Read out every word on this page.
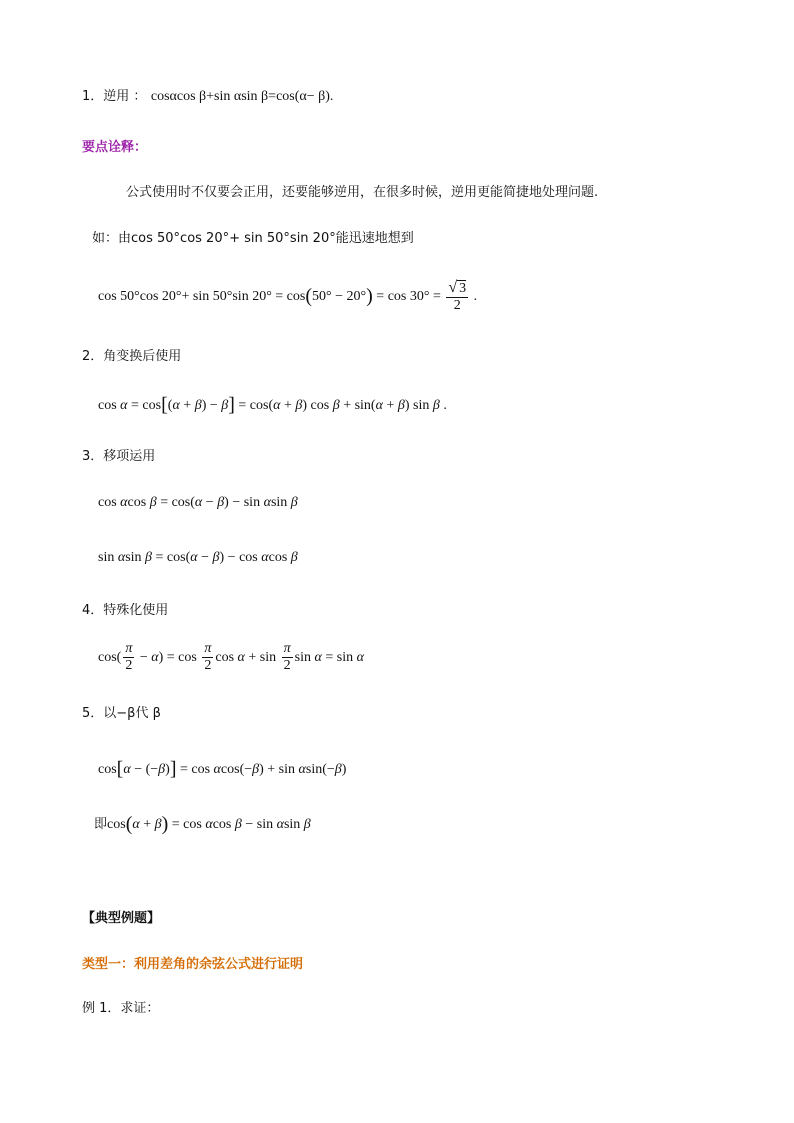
1．逆用 ： cosαcos β+sin αsin β=cos(α− β).
要点诠释：
公式使用时不仅要会正用，还要能够逆用，在很多时候，逆用更能简捷地处理问题.
如：由cos 50°cos 20°+ sin 50°sin 20°能迅速地想到
cos 50°cos 20°+ sin 50°sin $20^\circ = \cos(50^\circ - 20^\circ) = \cos 30^\circ = \frac{√ 3}{2}$ .
2．角变换后使用
cos α = cos[(α + β) − β] = cos(α + β) cos β + sin(α + β) sin β .
3．移项运用
cos αcos β = cos(α − β) − sin αsin β
sin αsin β = cos(α − β) − cos αcos β
4．特殊化使用
$\cos( \frac{\pi}{2} - \alpha) = \cos \frac{\pi}{2}$ $\cos \alpha + \sin \frac{\pi}{2}$ sin α = sin α
5．以−β代 β
cos[α − (−β)] = cos αcos(−β) + sin αsin(−β)
即cos(α + β) = cos αcos β − sin αsin β
【典型例题】
类型一：利用差角的余弦公式进行证明
例 1．求证：
